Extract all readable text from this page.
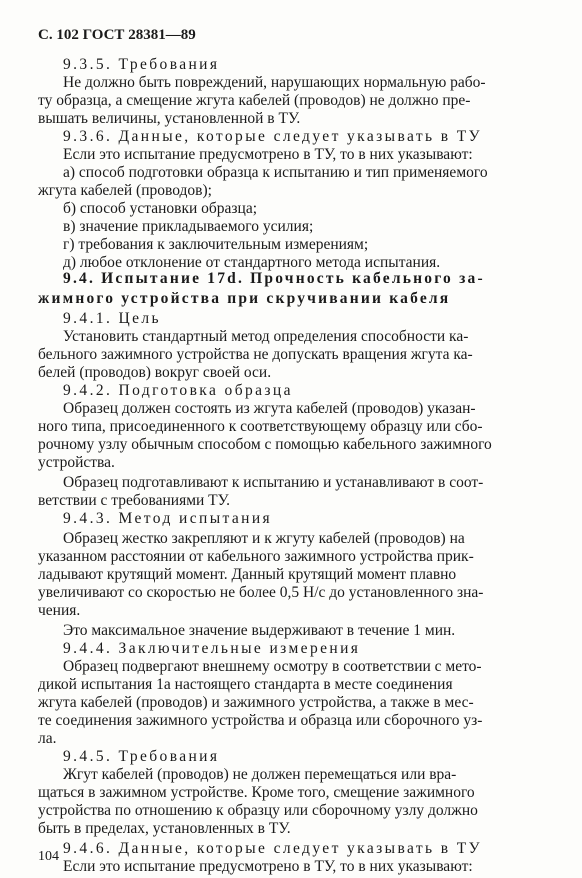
С. 102 ГОСТ 28381—89
9.3.5. Требования
Не должно быть повреждений, нарушающих нормальную рабо-
ту образца, а смещение жгута кабелей (проводов) не должно пре-
вышать величины, установленной в ТУ.
9.3.6. Данные, которые следует указывать в ТУ
Если это испытание предусмотрено в ТУ, то в них указывают:
а) способ подготовки образца к испытанию и тип применяемого
жгута кабелей (проводов);
б) способ установки образца;
в) значение прикладываемого усилия;
г) требования к заключительным измерениям;
д) любое отклонение от стандартного метода испытания.
9.4. Испытание 17d. Прочность кабельного за-
жимного устройства при скручивании кабеля
9.4.1. Цель
Установить стандартный метод определения способности ка-
бельного зажимного устройства не допускать вращения жгута ка-
белей (проводов) вокруг своей оси.
9.4.2. Подготовка образца
Образец должен состоять из жгута кабелей (проводов) указан-
ного типа, присоединенного к соответствующему образцу или сбо-
рочному узлу обычным способом с помощью кабельного зажимного
устройства.
Образец подготавливают к испытанию и устанавливают в соот-
ветствии с требованиями ТУ.
9.4.3. Метод испытания
Образец жестко закрепляют и к жгуту кабелей (проводов) на
указанном расстоянии от кабельного зажимного устройства прик-
ладывают крутящий момент. Данный крутящий момент плавно
увеличивают со скоростью не более 0,5 Н/с до установленного зна-
чения.
Это максимальное значение выдерживают в течение 1 мин.
9.4.4. Заключительные измерения
Образец подвергают внешнему осмотру в соответствии с мето-
дикой испытания 1а настоящего стандарта в месте соединения
жгута кабелей (проводов) и зажимного устройства, а также в мес-
те соединения зажимного устройства и образца или сборочного уз-
ла.
9.4.5. Требования
Жгут кабелей (проводов) не должен перемещаться или вра-
щаться в зажимном устройстве. Кроме того, смещение зажимного
устройства по отношению к образцу или сборочному узлу должно
быть в пределах, установленных в ТУ.
9.4.6. Данные, которые следует указывать в ТУ
Если это испытание предусмотрено в ТУ, то в них указывают:
104
